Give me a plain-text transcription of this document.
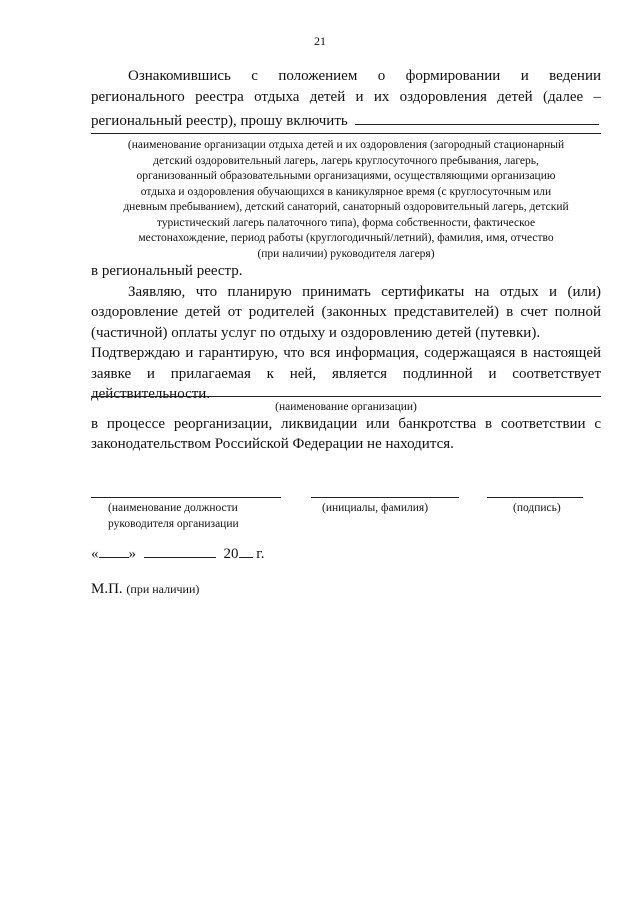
21
Ознакомившись с положением о формировании и ведении
регионального реестра отдыха детей и их оздоровления детей (далее –
региональный реестр), прошу включить
(наименование организации отдыха детей и их оздоровления (загородный стационарный
детский оздоровительный лагерь, лагерь круглосуточного пребывания, лагерь,
организованный образовательными организациями, осуществляющими организацию
отдыха и оздоровления обучающихся в каникулярное время (с круглосуточным или
дневным пребыванием), детский санаторий, санаторный оздоровительный лагерь, детский
туристический лагерь палаточного типа), форма собственности, фактическое
местонахождение, период работы (круглогодичный/летний), фамилия, имя, отчество
(при наличии) руководителя лагеря)
в региональный реестр.
Заявляю, что планирую принимать сертификаты на отдых и (или)
оздоровление детей от родителей (законных представителей) в счет полной
(частичной) оплаты услуг по отдыху и оздоровлению детей (путевки).
Подтверждаю и гарантирую, что вся информация, содержащаяся в настоящей
заявке и прилагаемая к ней, является подлинной и соответствует
действительности.
(наименование организации)
в процессе реорганизации, ликвидации или банкротства в соответствии с
законодательством Российской Федерации не находится.
(наименование должности
руководителя организации
(инициалы, фамилия)	(подпись)
« »	20 г.
М.П. (при наличии)
